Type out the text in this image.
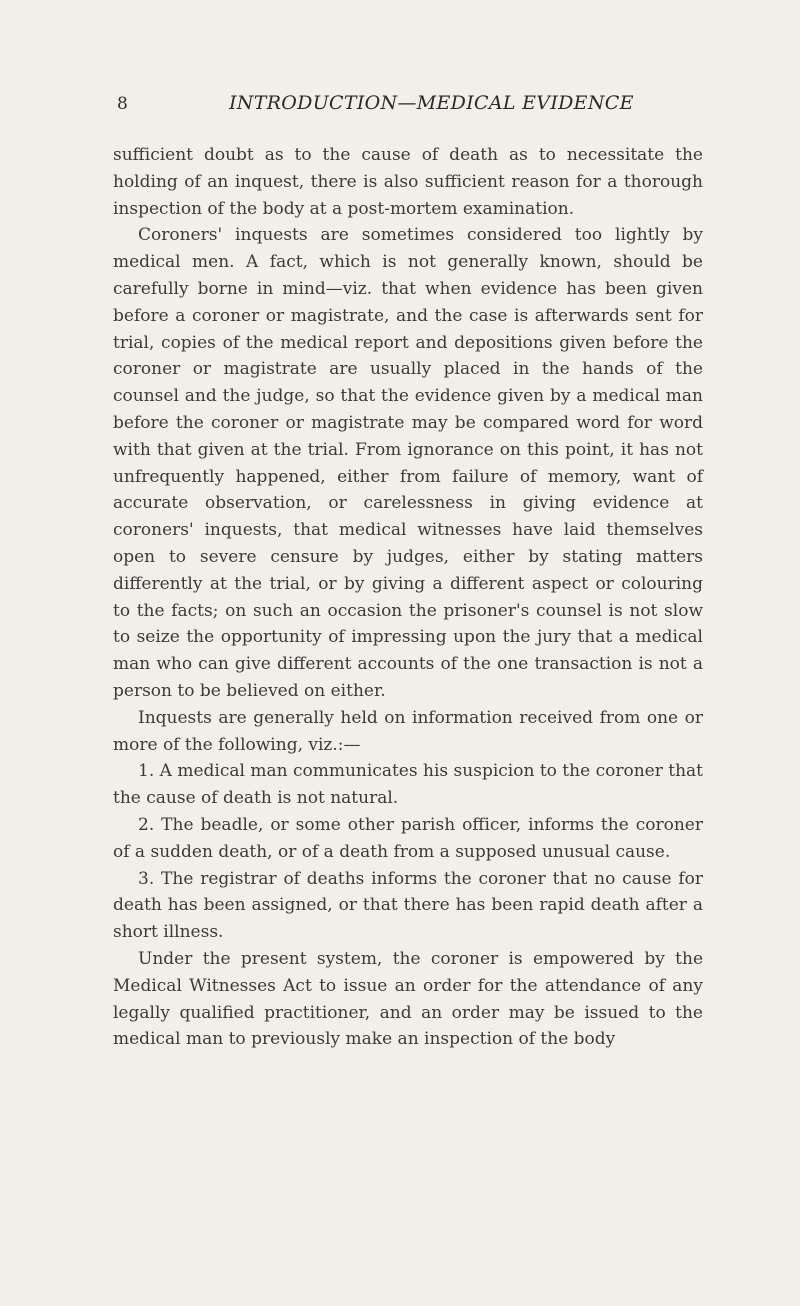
8	INTRODUCTION—MEDICAL EVIDENCE

sufficient doubt as to the cause of death as to necessitate the holding of an inquest, there is also sufficient reason for a thorough inspection of the body at a post-mortem examination.

Coroners' inquests are sometimes considered too lightly by medical men. A fact, which is not generally known, should be carefully borne in mind—viz. that when evidence has been given before a coroner or magistrate, and the case is afterwards sent for trial, copies of the medical report and depositions given before the coroner or magistrate are usually placed in the hands of the counsel and the judge, so that the evidence given by a medical man before the coroner or magistrate may be compared word for word with that given at the trial. From ignorance on this point, it has not unfrequently happened, either from failure of memory, want of accurate observation, or carelessness in giving evidence at coroners' inquests, that medical witnesses have laid themselves open to severe censure by judges, either by stating matters differently at the trial, or by giving a different aspect or colouring to the facts; on such an occasion the prisoner's counsel is not slow to seize the opportunity of impressing upon the jury that a medical man who can give different accounts of the one transaction is not a person to be believed on either.

Inquests are generally held on information received from one or more of the following, viz.:—

1. A medical man communicates his suspicion to the coroner that the cause of death is not natural.

2. The beadle, or some other parish officer, informs the coroner of a sudden death, or of a death from a supposed unusual cause.

3. The registrar of deaths informs the coroner that no cause for death has been assigned, or that there has been rapid death after a short illness.

Under the present system, the coroner is empowered by the Medical Witnesses Act to issue an order for the attendance of any legally qualified practitioner, and an order may be issued to the medical man to previously make an inspection of the body
